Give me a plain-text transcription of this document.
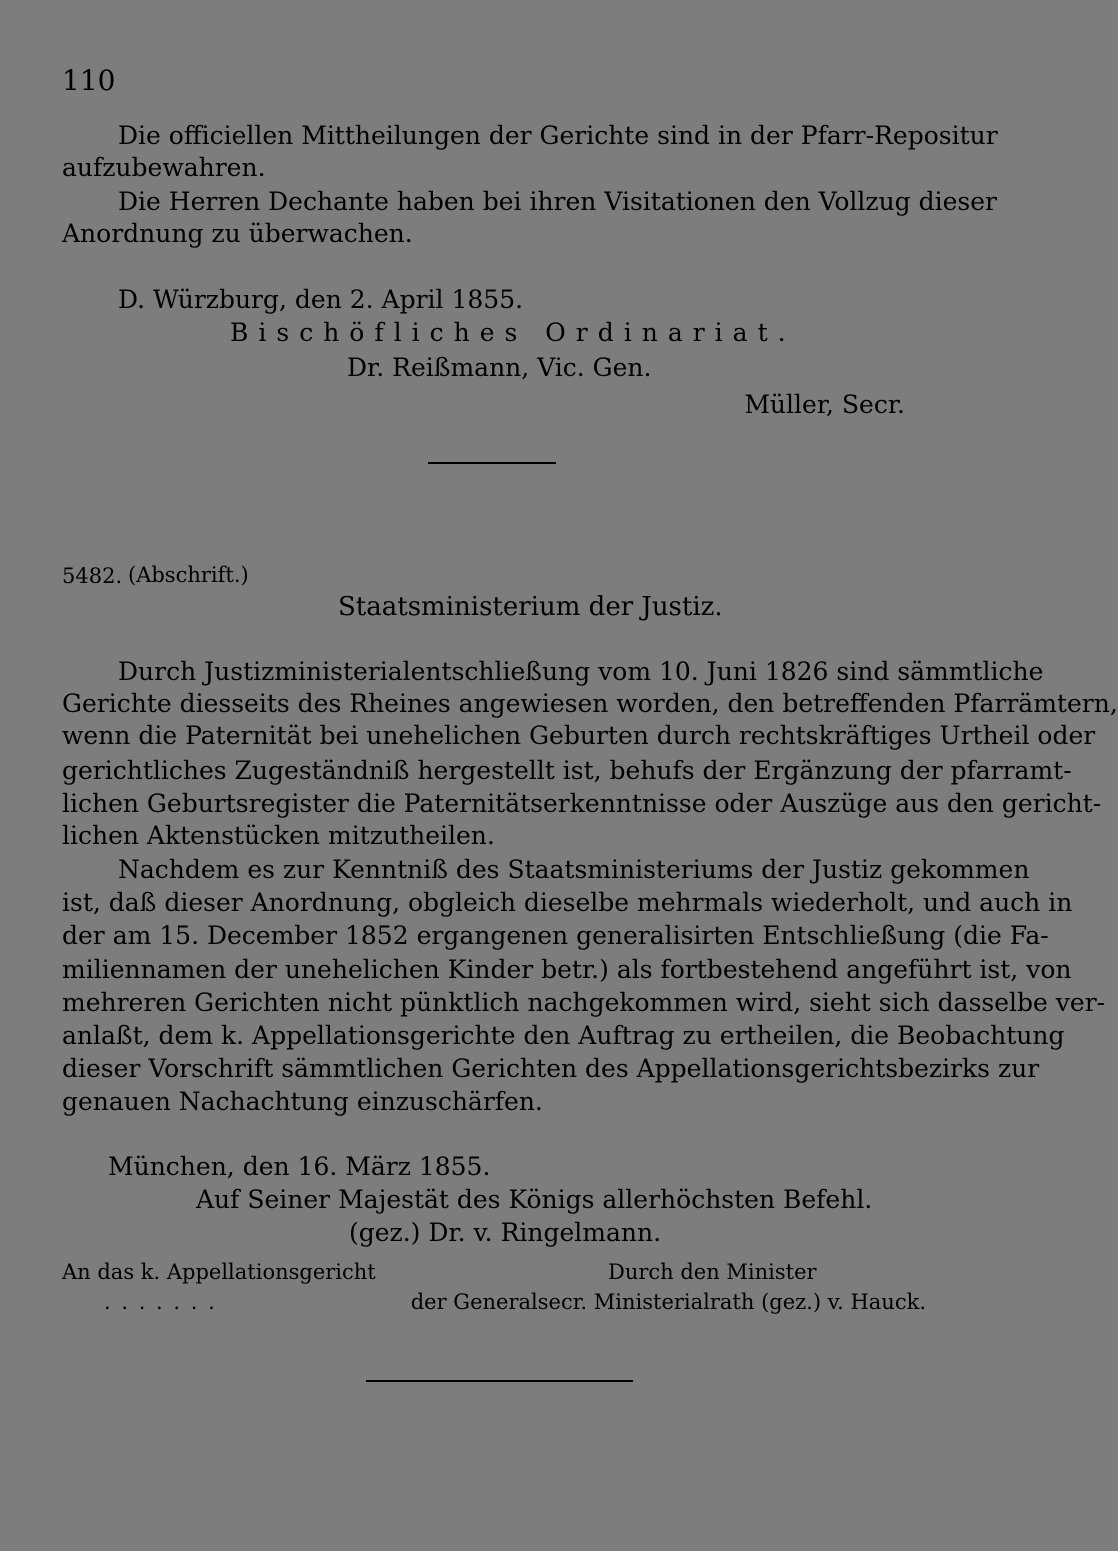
110
Die officiellen Mittheilungen der Gerichte sind in der Pfarr-Repositur
aufzubewahren.
Die Herren Dechante haben bei ihren Visitationen den Vollzug dieser
Anordnung zu überwachen.
D. Würzburg, den 2. April 1855.
Bischöfliches Ordinariat.
Dr. Reißmann, Vic. Gen.
Müller, Secr.
5482. (Abschrift.)
Staatsministerium der Justiz.
Durch Justizministerialentschließung vom 10. Juni 1826 sind sämmtliche
Gerichte diesseits des Rheines angewiesen worden, den betreffenden Pfarrämtern,
wenn die Paternität bei unehelichen Geburten durch rechtskräftiges Urtheil oder
gerichtliches Zugeständniß hergestellt ist, behufs der Ergänzung der pfarramt-
lichen Geburtsregister die Paternitätserkenntnisse oder Auszüge aus den gericht-
lichen Aktenstücken mitzutheilen.
Nachdem es zur Kenntniß des Staatsministeriums der Justiz gekommen
ist, daß dieser Anordnung, obgleich dieselbe mehrmals wiederholt, und auch in
der am 15. December 1852 ergangenen generalisirten Entschließung (die Fa-
miliennamen der unehelichen Kinder betr.) als fortbestehend angeführt ist, von
mehreren Gerichten nicht pünktlich nachgekommen wird, sieht sich dasselbe ver-
anlaßt, dem k. Appellationsgerichte den Auftrag zu ertheilen, die Beobachtung
dieser Vorschrift sämmtlichen Gerichten des Appellationsgerichtsbezirks zur
genauen Nachachtung einzuschärfen.
München, den 16. März 1855.
Auf Seiner Majestät des Königs allerhöchsten Befehl.
(gez.) Dr. v. Ringelmann.
An das k. Appellationsgericht
. . . . . . .
Durch den Minister
der Generalsecr. Ministerialrath (gez.) v. Hauck.
